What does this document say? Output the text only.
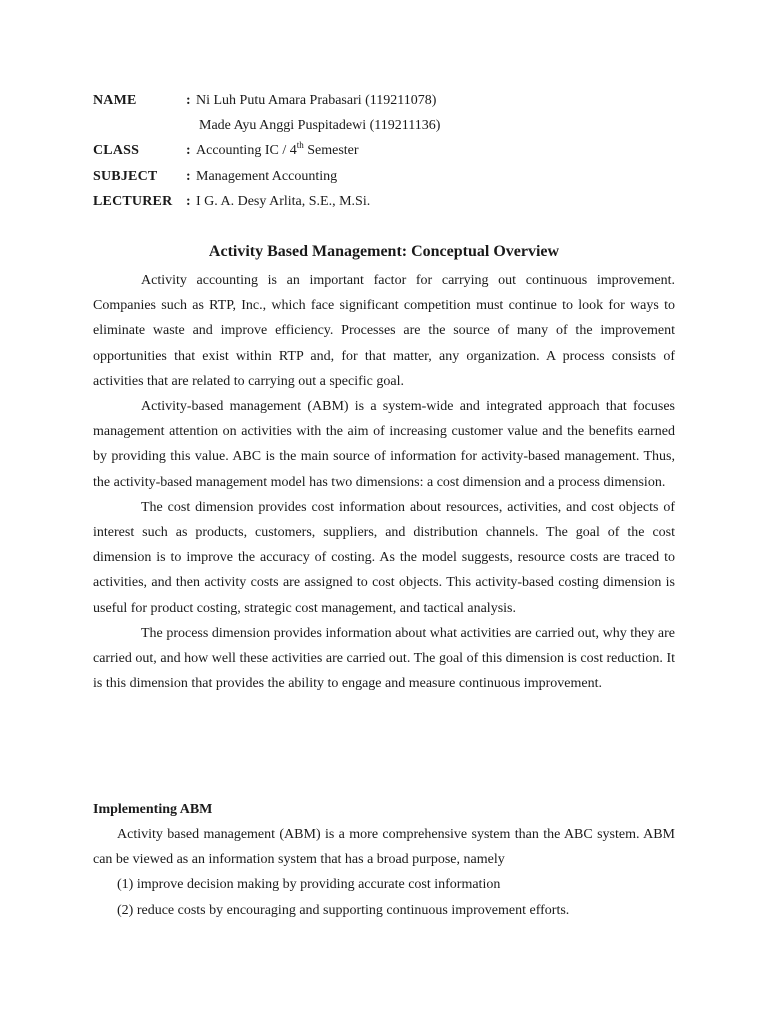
NAME	: Ni Luh Putu Amara Prabasari (119211078)
Made Ayu Anggi Puspitadewi (119211136)
CLASS	: Accounting IC / 4th Semester
SUBJECT	: Management Accounting
LECTURER : I G. A. Desy Arlita, S.E., M.Si.
Activity Based Management: Conceptual Overview

Activity accounting is an important factor for carrying out continuous improvement. Companies such as RTP, Inc., which face significant competition must continue to look for ways to eliminate waste and improve efficiency. Processes are the source of many of the improvement opportunities that exist within RTP and, for that matter, any organization. A process consists of activities that are related to carrying out a specific goal.

Activity-based management (ABM) is a system-wide and integrated approach that focuses management attention on activities with the aim of increasing customer value and the benefits earned by providing this value. ABC is the main source of information for activity-based management. Thus, the activity-based management model has two dimensions: a cost dimension and a process dimension.

The cost dimension provides cost information about resources, activities, and cost objects of interest such as products, customers, suppliers, and distribution channels. The goal of the cost dimension is to improve the accuracy of costing. As the model suggests, resource costs are traced to activities, and then activity costs are assigned to cost objects. This activity-based costing dimension is useful for product costing, strategic cost management, and tactical analysis.

The process dimension provides information about what activities are carried out, why they are carried out, and how well these activities are carried out. The goal of this dimension is cost reduction. It is this dimension that provides the ability to engage and measure continuous improvement.

Implementing ABM

Activity based management (ABM) is a more comprehensive system than the ABC system. ABM can be viewed as an information system that has a broad purpose, namely

(1) improve decision making by providing accurate cost information
(2) reduce costs by encouraging and supporting continuous improvement efforts.
